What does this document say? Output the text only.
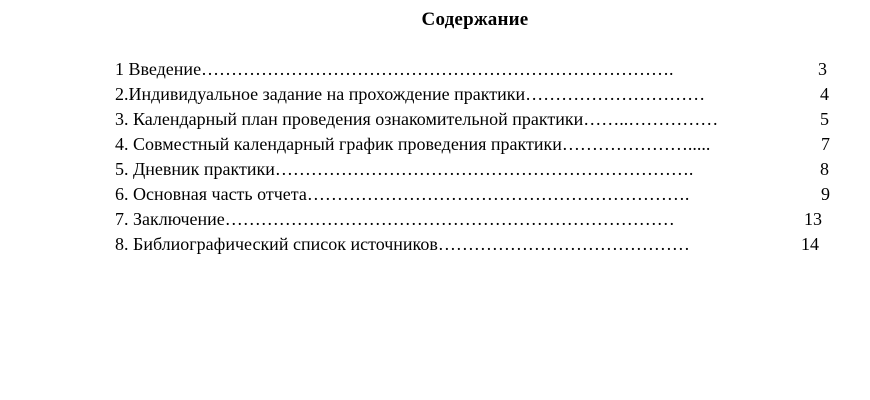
Содержание
1 Введение…………………………………………………………………….	3
2.Индивидуальное задание на прохождение практики…………………………	4
3. Календарный план проведения ознакомительной практики……..……………	5
4. Совместный календарный график проведения практики………………….....	7
5. Дневник практики…………………………………………………………….	8
6. Основная часть отчета……………………………………………………….	9
7. Заключение…………………………………………………………………	13
8. Библиографический список источников……………………………………	14
